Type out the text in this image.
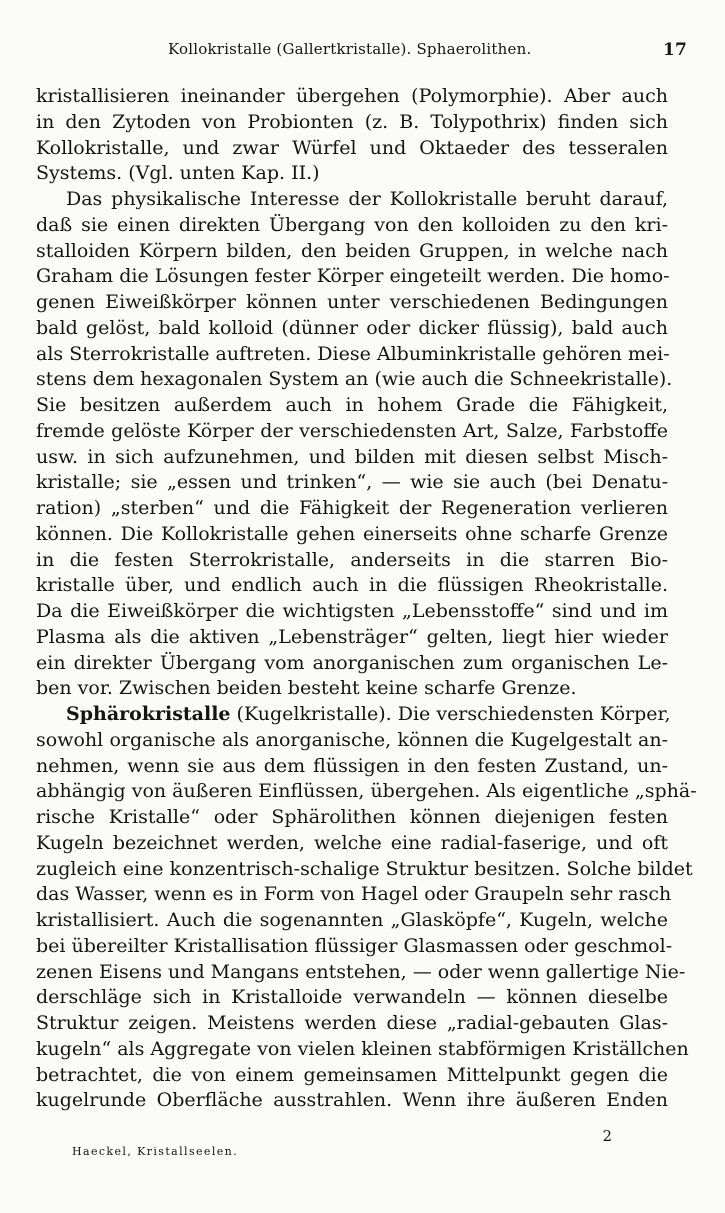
Kollokristalle (Gallertkristalle). Sphaerolithen.	17
kristallisieren ineinander übergehen (Polymorphie). Aber auch
in den Zytoden von Probionten (z. B. Tolypothrix) finden sich
Kollokristalle, und zwar Würfel und Oktaeder des tesseralen
Systems. (Vgl. unten Kap. II.)
Das physikalische Interesse der Kollokristalle beruht darauf,
daß sie einen direkten Übergang von den kolloiden zu den kri-
stalloiden Körpern bilden, den beiden Gruppen, in welche nach
Graham die Lösungen fester Körper eingeteilt werden. Die homo-
genen Eiweißkörper können unter verschiedenen Bedingungen
bald gelöst, bald kolloid (dünner oder dicker flüssig), bald auch
als Sterrokristalle auftreten. Diese Albuminkristalle gehören mei-
stens dem hexagonalen System an (wie auch die Schneekristalle).
Sie besitzen außerdem auch in hohem Grade die Fähigkeit,
fremde gelöste Körper der verschiedensten Art, Salze, Farbstoffe
usw. in sich aufzunehmen, und bilden mit diesen selbst Misch-
kristalle; sie „essen und trinken“, — wie sie auch (bei Denatu-
ration) „sterben“ und die Fähigkeit der Regeneration verlieren
können. Die Kollokristalle gehen einerseits ohne scharfe Grenze
in die festen Sterrokristalle, anderseits in die starren Bio-
kristalle über, und endlich auch in die flüssigen Rheokristalle.
Da die Eiweißkörper die wichtigsten „Lebensstoffe“ sind und im
Plasma als die aktiven „Lebensträger“ gelten, liegt hier wieder
ein direkter Übergang vom anorganischen zum organischen Le-
ben vor. Zwischen beiden besteht keine scharfe Grenze.
Sphärokristalle (Kugelkristalle). Die verschiedensten Körper,
sowohl organische als anorganische, können die Kugelgestalt an-
nehmen, wenn sie aus dem flüssigen in den festen Zustand, un-
abhängig von äußeren Einflüssen, übergehen. Als eigentliche „sphä-
rische Kristalle“ oder Sphärolithen können diejenigen festen
Kugeln bezeichnet werden, welche eine radial-faserige, und oft
zugleich eine konzentrisch-schalige Struktur besitzen. Solche bildet
das Wasser, wenn es in Form von Hagel oder Graupeln sehr rasch
kristallisiert. Auch die sogenannten „Glasköpfe“, Kugeln, welche
bei übereilter Kristallisation flüssiger Glasmassen oder geschmol-
zenen Eisens und Mangans entstehen, — oder wenn gallertige Nie-
derschläge sich in Kristalloide verwandeln — können dieselbe
Struktur zeigen. Meistens werden diese „radial-gebauten Glas-
kugeln“ als Aggregate von vielen kleinen stabförmigen Kriställchen
betrachtet, die von einem gemeinsamen Mittelpunkt gegen die
kugelrunde Oberfläche ausstrahlen. Wenn ihre äußeren Enden
Haeckel, Kristallseelen.
2
